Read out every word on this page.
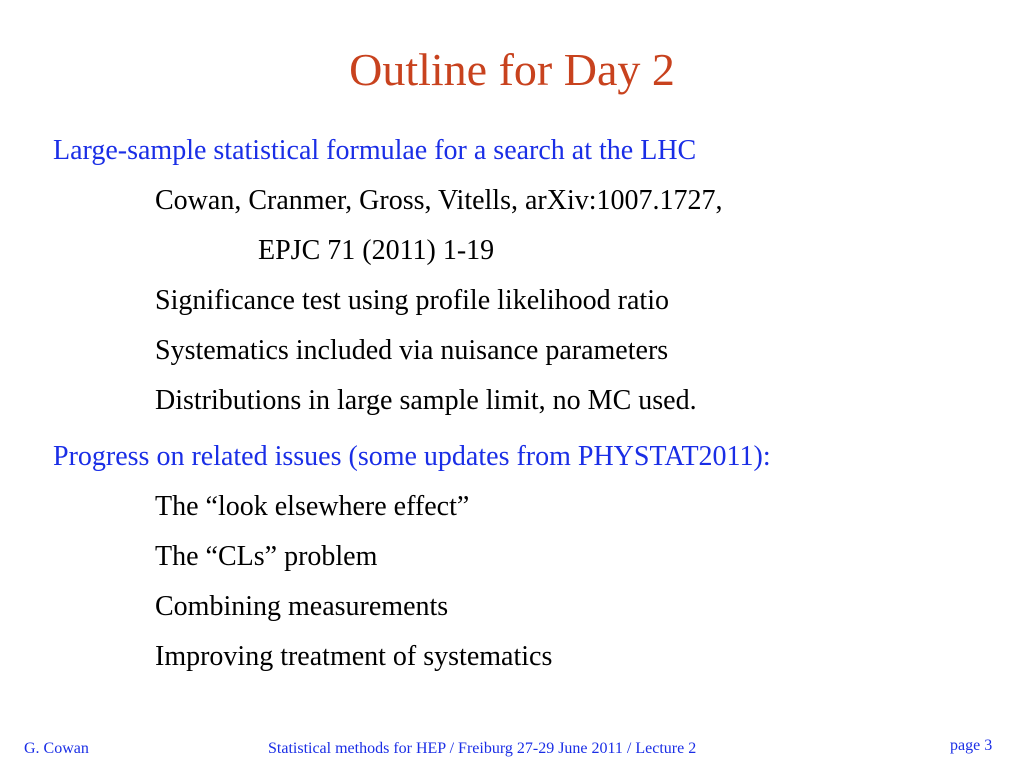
Outline for Day 2

Large-sample statistical formulae for a search at the LHC

Cowan, Cranmer, Gross, Vitells, arXiv:1007.1727,

EPJC 71 (2011) 1-19

Significance test using profile likelihood ratio

Systematics included via nuisance parameters

Distributions in large sample limit, no MC used.

Progress on related issues (some updates from PHYSTAT2011):

The “look elsewhere effect”

The “CLs” problem

Combining measurements

Improving treatment of systematics

G. Cowan	Statistical methods for HEP / Freiburg 27-29 June 2011 / Lecture 2	page 3
